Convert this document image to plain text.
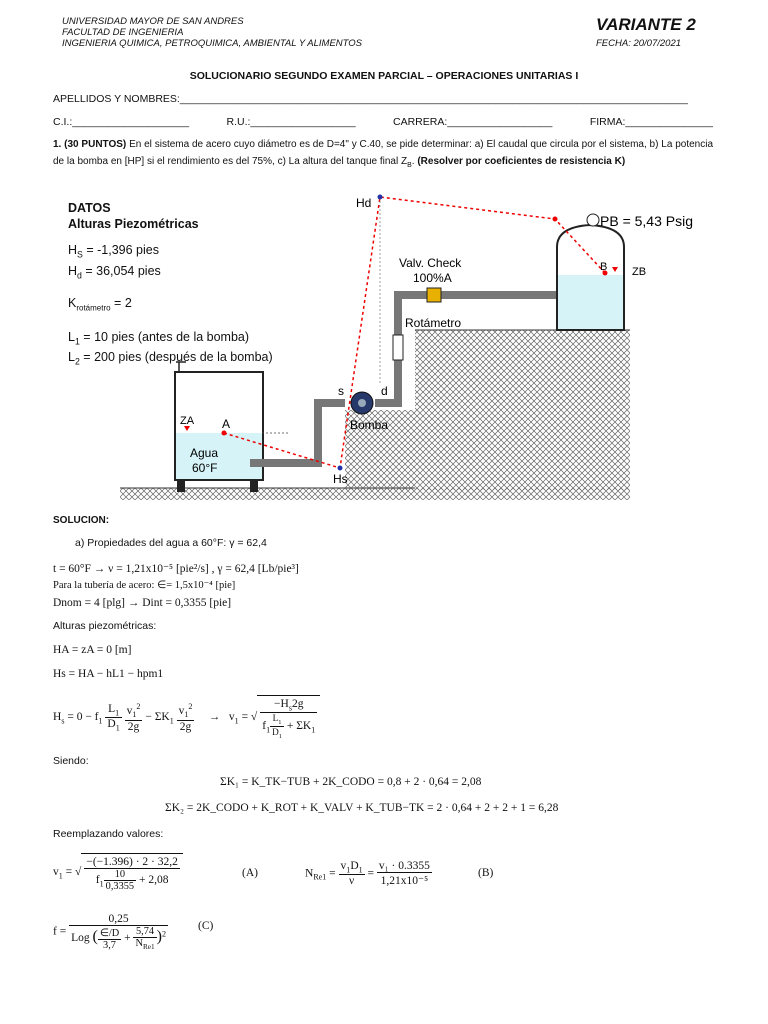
UNIVERSIDAD MAYOR DE SAN ANDRES
FACULTAD DE INGENIERIA
INGENIERIA QUIMICA, PETROQUIMICA, AMBIENTAL Y ALIMENTOS
VARIANTE 2
FECHA: 20/07/2021
SOLUCIONARIO SEGUNDO EXAMEN PARCIAL – OPERACIONES UNITARIAS I
APELLIDOS Y NOMBRES:_______________________________________________________________________________________
C.I.:____________________	R.U.:__________________	CARRERA:__________________	FIRMA:_______________
1. (30 PUNTOS) En el sistema de acero cuyo diámetro es de D=4" y C.40, se pide determinar: a) El caudal que circula por el sistema, b) La potencia de la bomba en [HP] si el rendimiento es del 75%, c) La altura del tanque final $Z_B$. (Resolver por coeficientes de resistencia K)
DATOS
Alturas Piezométricas
$H_S = -1,396$ pies
$H_d = 36,054$ pies
$K_{rotámetro} = 2$
$L_1 = 10$ pies (antes de la bomba)
$L_2 = 200$ pies (después de la bomba)
Hd
Hs
PB = 5,43 Psig
Valv. Check
100%A
Rotámetro
s	d
Bomba
ZA A
B ZB
Agua
60°F
SOLUCION:
a) Propiedades del agua a 60°F: γ = 62,4
t = 60°F → ν = 1,21x10⁻⁵ [pie²/s] , γ = 62,4 [Lb/pie³]
Para la tubería de acero: ∈= 1,5x10⁻⁴ [pie]
Dnom = 4 [plg] → Dint = 0,3355 [pie]
Alturas piezométricas:
HA = zA = 0 [m]
Hs = HA − hL1 − hpm1
$H_s = 0 - f_1 \frac{L_1}{D_1}$
$\frac{v_1^2}{2g} - \Sigma K_1 \frac{v_1^2}{2g} \to v_1$ = √ $\frac{-H_s2g}{f_1 \frac{L_1}{D_1} + \Sigma K_1}$
Siendo:
ΣK₁ = K_TK−TUB + 2K_CODO = 0,8 + 2 · 0,64 = 2,08
ΣK₂ = 2K_CODO + K_ROT + K_VALV + K_TUB−TK = 2 · 0,64 + 2 + 2 + 1 = 6,28
Reemplazando valores:
$v_1$ = √ $\frac{-(-1.396) \cdot 2 \cdot 32,2}{f_1 \frac{10}{0,3355} + 2,08}$	(A)	$N_{Re1} = \frac{v_1D_1}{\nu} = \frac{\text{v₁ · 0.3355}}{\text{1,21x10⁻⁵}}$	(B)
$f = \frac{0,25}{Log ( \frac{\in/D}{3,7} + \frac{5,74}{N_{Re1}} )^2}$	(C)
